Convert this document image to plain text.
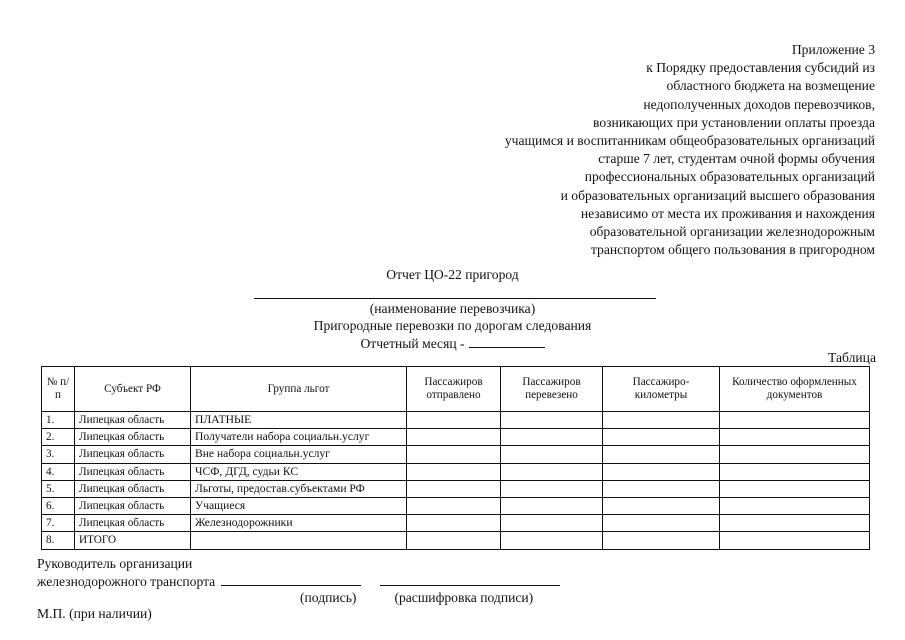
Приложение 3
к Порядку предоставления субсидий из
областного бюджета на возмещение
недополученных доходов перевозчиков,
возникающих при установлении оплаты проезда
учащимся и воспитанникам общеобразовательных организаций
старше 7 лет, студентам очной формы обучения
профессиональных образовательных организаций
и образовательных организаций высшего образования
независимо от места их проживания и нахождения
образовательной организации железнодорожным
транспортом общего пользования в пригородном
Отчет ЦО-22 пригород
(наименование перевозчика)
Пригородные перевозки по дорогам следования
Отчетный месяц -
Таблица
№ п/п	Субъект РФ	Группа льгот	Пассажиров отправлено	Пассажиров перевезено	Пассажиро-километры	Количество оформленных документов
1.	Липецкая область	ПЛАТНЫЕ				
2.	Липецкая область	Получатели набора социальн.услуг				
3.	Липецкая область	Вне набора социальн.услуг				
4.	Липецкая область	ЧСФ, ДГД, судьи КС				
5.	Липецкая область	Льготы, предостав.субъектами РФ				
6.	Липецкая область	Учащиеся				
7.	Липецкая область	Железнодорожники				
8.	ИТОГО					
Руководитель организации
железнодорожного транспорта
(подпись)	(расшифровка подписи)
М.П. (при наличии)
